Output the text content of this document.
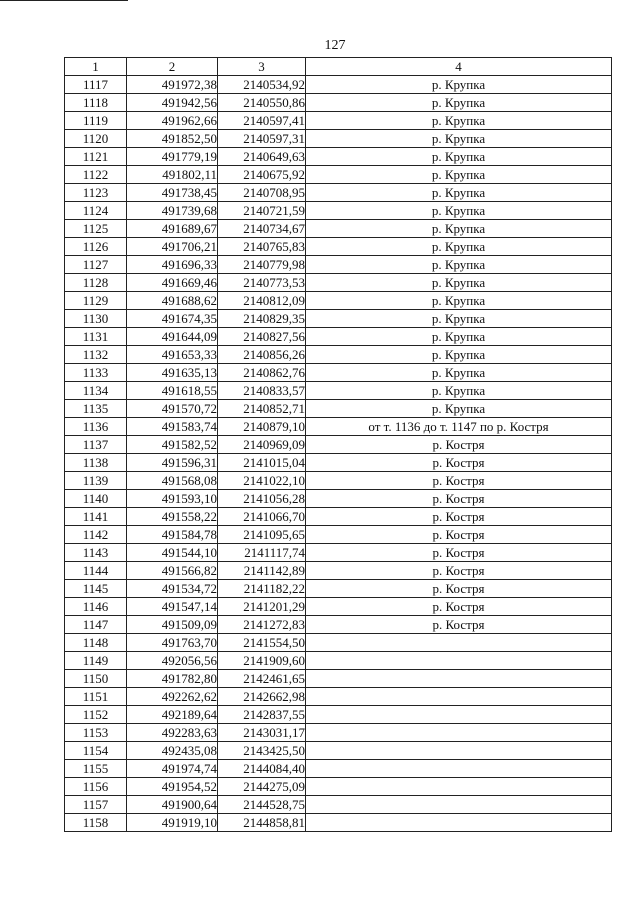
127
1	2	3	4
1117	491972,38	2140534,92	р. Крупка
1118	491942,56	2140550,86	р. Крупка
1119	491962,66	2140597,41	р. Крупка
1120	491852,50	2140597,31	р. Крупка
1121	491779,19	2140649,63	р. Крупка
1122	491802,11	2140675,92	р. Крупка
1123	491738,45	2140708,95	р. Крупка
1124	491739,68	2140721,59	р. Крупка
1125	491689,67	2140734,67	р. Крупка
1126	491706,21	2140765,83	р. Крупка
1127	491696,33	2140779,98	р. Крупка
1128	491669,46	2140773,53	р. Крупка
1129	491688,62	2140812,09	р. Крупка
1130	491674,35	2140829,35	р. Крупка
1131	491644,09	2140827,56	р. Крупка
1132	491653,33	2140856,26	р. Крупка
1133	491635,13	2140862,76	р. Крупка
1134	491618,55	2140833,57	р. Крупка
1135	491570,72	2140852,71	р. Крупка
1136	491583,74	2140879,10	от т. 1136 до т. 1147 по р. Костря
1137	491582,52	2140969,09	р. Костря
1138	491596,31	2141015,04	р. Костря
1139	491568,08	2141022,10	р. Костря
1140	491593,10	2141056,28	р. Костря
1141	491558,22	2141066,70	р. Костря
1142	491584,78	2141095,65	р. Костря
1143	491544,10	2141117,74	р. Костря
1144	491566,82	2141142,89	р. Костря
1145	491534,72	2141182,22	р. Костря
1146	491547,14	2141201,29	р. Костря
1147	491509,09	2141272,83	р. Костря
1148	491763,70	2141554,50	
1149	492056,56	2141909,60	
1150	491782,80	2142461,65	
1151	492262,62	2142662,98	
1152	492189,64	2142837,55	
1153	492283,63	2143031,17	
1154	492435,08	2143425,50	
1155	491974,74	2144084,40	
1156	491954,52	2144275,09	
1157	491900,64	2144528,75	
1158	491919,10	2144858,81	
